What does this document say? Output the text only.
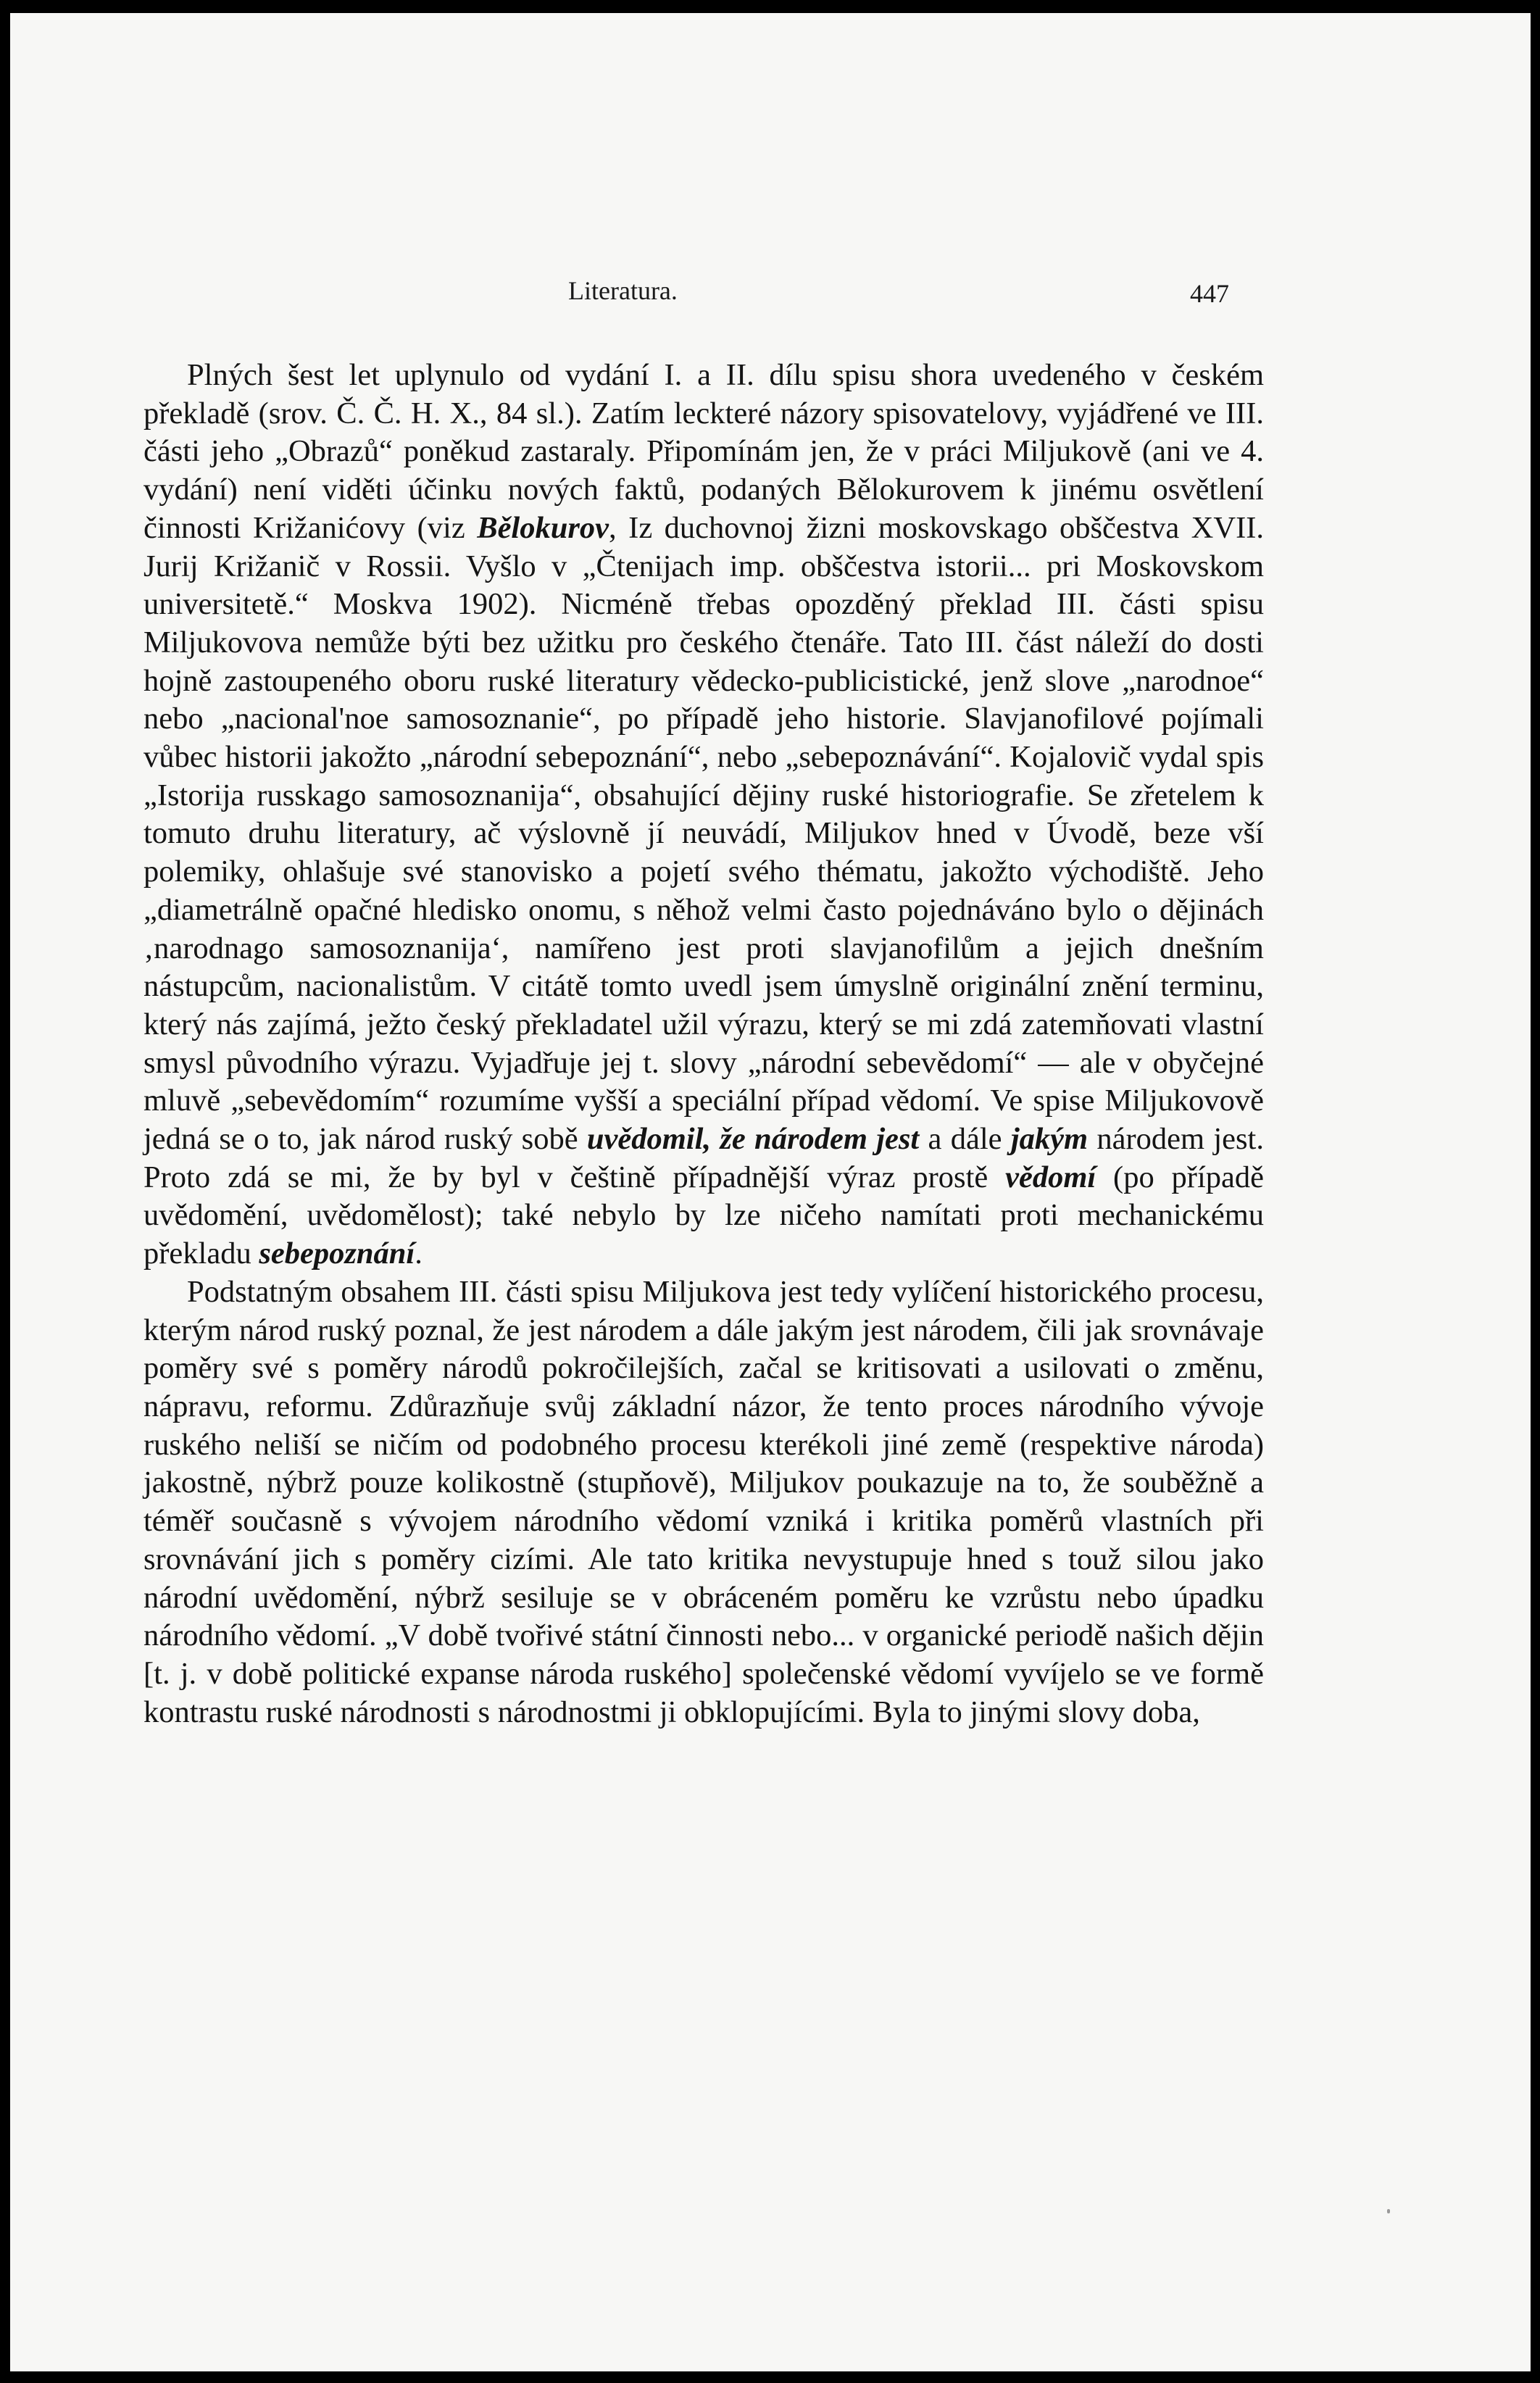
Literatura.	447

Plných šest let uplynulo od vydání I. a II. dílu spisu shora uvedeného v českém překladě (srov. Č. Č. H. X., 84 sl.). Zatím leckteré názory spisovatelovy, vyjádřené ve III. části jeho „Obrazů“ poněkud zastaraly. Připomínám jen, že v práci Miljukově (ani ve 4. vydání) není viděti účinku nových faktů, podaných Bělokurovem k jinému osvětlení činnosti Križanićovy (viz Bělokurov, Iz duchovnoj žizni moskovskago obščestva XVII. Jurij Križanič v Rossii. Vyšlo v „Čtenijach imp. obščestva istorii... pri Moskovskom universitetě.“ Moskva 1902). Nicméně třebas opozděný překlad III. části spisu Miljukovova nemůže býti bez užitku pro českého čtenáře. Tato III. část náleží do dosti hojně zastoupeného oboru ruské literatury vědecko-publicistické, jenž slove „narodnoe“ nebo „nacional'noe samosoznanie“, po případě jeho historie. Slavjanofilové pojímali vůbec historii jakožto „národní sebepoznání“, nebo „sebepoznávání“. Kojalovič vydal spis „Istorija russkago samosoznanija“, obsahující dějiny ruské historiografie. Se zřetelem k tomuto druhu literatury, ač výslovně jí neuvádí, Miljukov hned v Úvodě, beze vší polemiky, ohlašuje své stanovisko a pojetí svého thématu, jakožto východiště. Jeho „diametrálně opačné hledisko onomu, s něhož velmi často pojednáváno bylo o dějinách ‚narodnago samosoznanija‘, namířeno jest proti slavjanofilům a jejich dnešním nástupcům, nacionalistům. V citátě tomto uvedl jsem úmyslně originální znění terminu, který nás zajímá, ježto český překladatel užil výrazu, který se mi zdá zatemňovati vlastní smysl původního výrazu. Vyjadřuje jej t. slovy „národní sebevědomí“ — ale v obyčejné mluvě „sebevědomím“ rozumíme vyšší a speciální případ vědomí. Ve spise Miljukovově jedná se o to, jak národ ruský sobě uvědomil, že národem jest a dále jakým národem jest. Proto zdá se mi, že by byl v češtině případnější výraz prostě vědomí (po případě uvědomění, uvědomělost); také nebylo by lze ničeho namítati proti mechanickému překladu sebepoznání.

Podstatným obsahem III. části spisu Miljukova jest tedy vylíčení historického procesu, kterým národ ruský poznal, že jest národem a dále jakým jest národem, čili jak srovnávaje poměry své s poměry národů pokročilejších, začal se kritisovati a usilovati o změnu, nápravu, reformu. Zdůrazňuje svůj základní názor, že tento proces národního vývoje ruského neliší se ničím od podobného procesu kterékoli jiné země (respektive národa) jakostně, nýbrž pouze kolikostně (stupňově), Miljukov poukazuje na to, že souběžně a téměř současně s vývojem národního vědomí vzniká i kritika poměrů vlastních při srovnávání jich s poměry cizími. Ale tato kritika nevystupuje hned s touž silou jako národní uvědomění, nýbrž sesiluje se v obráceném poměru ke vzrůstu nebo úpadku národního vědomí. „V době tvořivé státní činnosti nebo... v organické periodě našich dějin [t. j. v době politické expanse národa ruského] společenské vědomí vyvíjelo se ve formě kontrastu ruské národnosti s národnostmi ji obklopujícími. Byla to jinými slovy doba,
